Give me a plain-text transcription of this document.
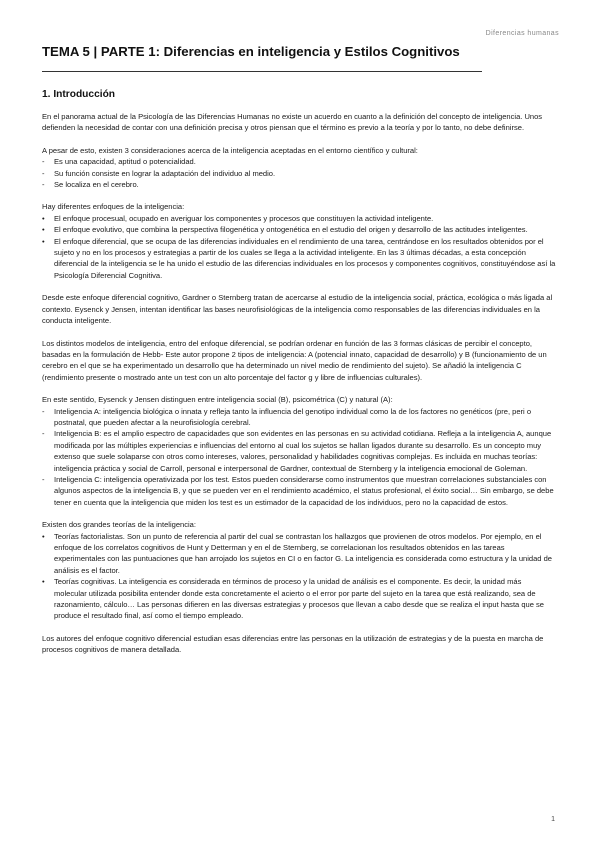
Diferencias humanas
TEMA 5 | PARTE 1: Diferencias en inteligencia y Estilos Cognitivos
1. Introducción

En el panorama actual de la Psicología de las Diferencias Humanas no existe un acuerdo en cuanto a la definición del concepto de inteligencia. Unos defienden la necesidad de contar con una definición precisa y otros piensan que el término es previo a la teoría y por lo tanto, no debe definirse.

A pesar de esto, existen 3 consideraciones acerca de la inteligencia aceptadas en el entorno científico y cultural:

‐ Es una capacidad, aptitud o potencialidad.
‐ Su función consiste en lograr la adaptación del individuo al medio.
‐ Se localiza en el cerebro.

Hay diferentes enfoques de la inteligencia:

• El enfoque procesual, ocupado en averiguar los componentes y procesos que constituyen la actividad inteligente.
• El enfoque evolutivo, que combina la perspectiva filogenética y ontogenética en el estudio del origen y desarrollo de las actitudes inteligentes.
• El enfoque diferencial, que se ocupa de las diferencias individuales en el rendimiento de una tarea, centrándose en los resultados obtenidos por el sujeto y no en los procesos y estrategias a partir de los cuales se llega a la actividad inteligente. En las 3 últimas décadas, a esta concepción diferencial de la inteligencia se le ha unido el estudio de las diferencias individuales en los procesos y componentes cognitivos, constituyéndose así la Psicología Diferencial Cognitiva.

Desde este enfoque diferencial cognitivo, Gardner o Sternberg tratan de acercarse al estudio de la inteligencia social, práctica, ecológica o más ligada al contexto. Eysenck y Jensen, intentan identificar las bases neurofisiológicas de la inteligencia como responsables de las diferencias individuales en la conducta inteligente.

Los distintos modelos de inteligencia, entro del enfoque diferencial, se podrían ordenar en función de las 3 formas clásicas de percibir el concepto, basadas en la formulación de Hebb- Este autor propone 2 tipos de inteligencia: A (potencial innato, capacidad de desarrollo) y B (funcionamiento de un cerebro en el que se ha experimentado un desarrollo que ha determinado un nivel medio de rendimiento del sujeto). Se añadió la inteligencia C (rendimiento presente o mostrado ante un test con un alto porcentaje del factor g y libre de influencias culturales).

En este sentido, Eysenck y Jensen distinguen entre inteligencia social (B), psicométrica (C) y natural (A):

‐ Inteligencia A: inteligencia biológica o innata y refleja tanto la influencia del genotipo individual como la de los factores no genéticos (pre, peri o postnatal, que pueden afectar a la neurofisiología cerebral.
‐ Inteligencia B: es el amplio espectro de capacidades que son evidentes en las personas en su actividad cotidiana. Refleja a la inteligencia A, aunque modificada por las múltiples experiencias e influencias del entorno al cual los sujetos se hallan ligados durante su desarrollo. Es un concepto muy extenso que suele solaparse con otros como intereses, valores, personalidad y habilidades cognitivas complejas. Es incluida en muchas teorías: inteligencia práctica y social de Carroll, personal e interpersonal de Gardner, contextual de Sternberg y la inteligencia emocional de Goleman.
‐ Inteligencia C: inteligencia operativizada por los test. Estos pueden considerarse como instrumentos que muestran correlaciones substanciales con algunos aspectos de la inteligencia B, y que se pueden ver en el rendimiento académico, el status profesional, el éxito social… Sin embargo, se debe tener en cuenta que la inteligencia que miden los test es un estimador de la capacidad de los individuos, pero no la capacidad de estos.

Existen dos grandes teorías de la inteligencia:

• Teorías factorialistas. Son un punto de referencia al partir del cual se contrastan los hallazgos que provienen de otros modelos. Por ejemplo, en el enfoque de los correlatos cognitivos de Hunt y Detterman y en el de Sternberg, se correlacionan los resultados obtenidos en las tareas experimentales con las puntuaciones que han arrojado los sujetos en CI o en factor G. La inteligencia es considerada como estructura y la unidad de análisis es el factor.
• Teorías cognitivas. La inteligencia es considerada en términos de proceso y la unidad de análisis es el componente. Es decir, la unidad más molecular utilizada posibilita entender donde esta concretamente el acierto o el error por parte del sujeto en la tarea que está realizando, sea de razonamiento, cálculo… Las personas difieren en las diversas estrategias y procesos que llevan a cabo desde que se realiza el input hasta que se produce el resultado final, así como el tiempo empleado.

Los autores del enfoque cognitivo diferencial estudian esas diferencias entre las personas en la utilización de estrategias y de la puesta en marcha de procesos cognitivos de manera detallada.

1
